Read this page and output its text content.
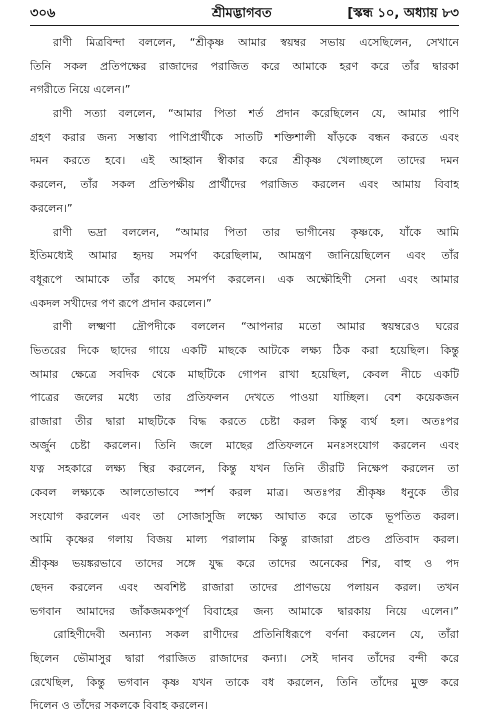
৩০৬	শ্রীমদ্ভাগবত	[স্কন্ধ ১০, অধ্যায় ৮৩
রাণী মিত্রবিন্দা বললেন, “শ্রীকৃষ্ণ আমার স্বয়ম্বর সভায় এসেছিলেন, সেখানে
তিনি সকল প্রতিপক্ষের রাজাদের পরাজিত করে আমাকে হরণ করে তাঁর দ্বারকা
নগরীতে নিয়ে এলেন।”
রাণী সত্যা বললেন, “আমার পিতা শর্ত প্রদান করেছিলেন যে, আমার পাণি
গ্রহণ করার জন্য সম্ভাব্য পাণিপ্রার্থীকে সাতটি শক্তিশালী ষাঁড়কে বন্ধন করতে এবং
দমন করতে হবে। এই আহ্বান স্বীকার করে শ্রীকৃষ্ণ খেলাচ্ছলে তাদের দমন
করলেন, তাঁর সকল প্রতিপক্ষীয় প্রার্থীদের পরাজিত করলেন এবং আমায় বিবাহ
করলেন।”
রাণী ভদ্রা বললেন, “আমার পিতা তার ভাগীনেয় কৃষ্ণকে, যাঁকে আমি
ইতিমধ্যেই আমার হৃদয় সমর্পণ করেছিলাম, আমন্ত্রণ জানিয়েছিলেন এবং তাঁর
বধূরূপে আমাকে তাঁর কাছে সমর্পণ করলেন। এক অক্ষৌহিণী সেনা এবং আমার
একদল সখীদের পণ রূপে প্রদান করলেন।”
রাণী লক্ষ্মণা দ্রৌপদীকে বললেন “আপনার মতো আমার স্বয়ম্বরেও ঘরের
ভিতরের দিকে ছাদের গায়ে একটি মাছকে আটকে লক্ষ্য ঠিক করা হয়েছিল। কিন্তু
আমার ক্ষেত্রে সবদিক থেকে মাছটিকে গোপন রাখা হয়েছিল, কেবল নীচে একটি
পাত্রের জলের মধ্যে তার প্রতিফলন দেখতে পাওয়া যাচ্ছিল। বেশ কয়েকজন
রাজারা তীর দ্বারা মাছটিকে বিদ্ধ করতে চেষ্টা করল কিন্তু ব্যর্থ হল। অতঃপর
অর্জুন চেষ্টা করলেন। তিনি জলে মাছের প্রতিফলনে মনঃসংযোগ করলেন এবং
যত্ন সহকারে লক্ষ্য স্থির করলেন, কিন্তু যখন তিনি তীরটি নিক্ষেপ করলেন তা
কেবল লক্ষ্যকে আলতোভাবে স্পর্শ করল মাত্র। অতঃপর শ্রীকৃষ্ণ ধনুকে তীর
সংযোগ করলেন এবং তা সোজাসুজি লক্ষ্যে আঘাত করে তাকে ভূপতিত করল।
আমি কৃষ্ণের গলায় বিজয় মাল্য পরালাম কিন্তু রাজারা প্রচণ্ড প্রতিবাদ করল।
শ্রীকৃষ্ণ ভয়ঙ্করভাবে তাদের সঙ্গে যুদ্ধ করে তাদের অনেকের শির, বাহু ও পদ
ছেদন করলেন এবং অবশিষ্ট রাজারা তাদের প্রাণভয়ে পলায়ন করল। তখন
ভগবান আমাদের জাঁকজমকপূর্ণ বিবাহের জন্য আমাকে দ্বারকায় নিয়ে এলেন।”
রোহিণীদেবী অন্যান্য সকল রাণীদের প্রতিনিধিরূপে বর্ণনা করলেন যে, তাঁরা
ছিলেন ভৌমাসুর দ্বারা পরাজিত রাজাদের কন্যা। সেই দানব তাঁদের বন্দী করে
রেখেছিল, কিন্তু ভগবান কৃষ্ণ যখন তাকে বধ করলেন, তিনি তাঁদের মুক্ত করে
দিলেন ও তাঁদের সকলকে বিবাহ করলেন।
